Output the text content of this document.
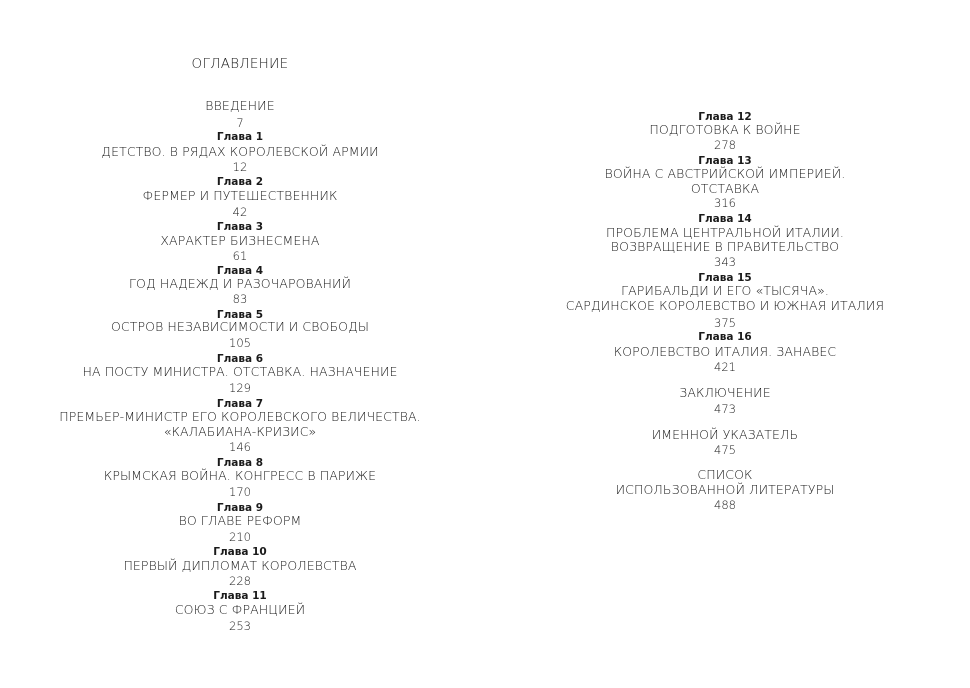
ОГЛАВЛЕНИЕ
ВВЕДЕНИЕ
7
Глава 1
ДЕТСТВО. В РЯДАХ КОРОЛЕВСКОЙ АРМИИ
12
Глава 2
ФЕРМЕР И ПУТЕШЕСТВЕННИК
42
Глава 3
ХАРАКТЕР БИЗНЕСМЕНА
61
Глава 4
ГОД НАДЕЖД И РАЗОЧАРОВАНИЙ
83
Глава 5
ОСТРОВ НЕЗАВИСИМОСТИ И СВОБОДЫ
105
Глава 6
НА ПОСТУ МИНИСТРА. ОТСТАВКА. НАЗНАЧЕНИЕ
129
Глава 7
ПРЕМЬЕР-МИНИСТР ЕГО КОРОЛЕВСКОГО ВЕЛИЧЕСТВА.
«КАЛАБИАНА-КРИЗИС»
146
Глава 8
КРЫМСКАЯ ВОЙНА. КОНГРЕСС В ПАРИЖЕ
170
Глава 9
ВО ГЛАВЕ РЕФОРМ
210
Глава 10
ПЕРВЫЙ ДИПЛОМАТ КОРОЛЕВСТВА
228
Глава 11
СОЮЗ С ФРАНЦИЕЙ
253
Глава 12
ПОДГОТОВКА К ВОЙНЕ
278
Глава 13
ВОЙНА С АВСТРИЙСКОЙ ИМПЕРИЕЙ.
ОТСТАВКА
316
Глава 14
ПРОБЛЕМА ЦЕНТРАЛЬНОЙ ИТАЛИИ.
ВОЗВРАЩЕНИЕ В ПРАВИТЕЛЬСТВО
343
Глава 15
ГАРИБАЛЬДИ И ЕГО «ТЫСЯЧА».
САРДИНСКОЕ КОРОЛЕВСТВО И ЮЖНАЯ ИТАЛИЯ
375
Глава 16
КОРОЛЕВСТВО ИТАЛИЯ. ЗАНАВЕС
421
ЗАКЛЮЧЕНИЕ
473
ИМЕННОЙ УКАЗАТЕЛЬ
475
СПИСОК
ИСПОЛЬЗОВАННОЙ ЛИТЕРАТУРЫ
488
